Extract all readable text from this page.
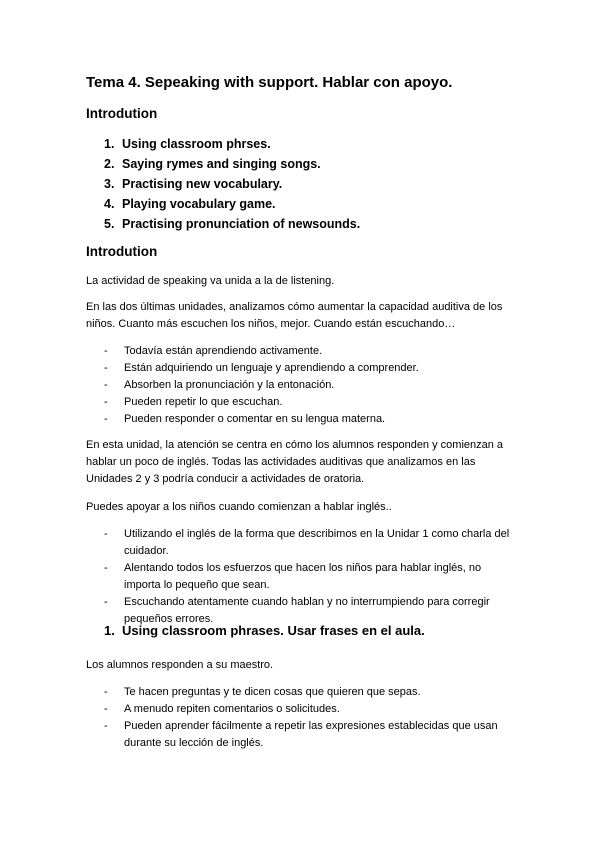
Tema 4. Sepeaking with support. Hablar con apoyo.
Introdution
1. Using classroom phrses.
2. Saying rymes and singing songs.
3. Practising new vocabulary.
4. Playing vocabulary game.
5. Practising pronunciation of newsounds.
Introdution

La actividad de speaking va unida a la de listening.

En las dos últimas unidades, analizamos cómo aumentar la capacidad auditiva de los niños. Cuanto más escuchen los niños, mejor. Cuando están escuchando…

- Todavía están aprendiendo activamente.
- Están adquiriendo un lenguaje y aprendiendo a comprender.
- Absorben la pronunciación y la entonación.
- Pueden repetir lo que escuchan.
- Pueden responder o comentar en su lengua materna.

En esta unidad, la atención se centra en cómo los alumnos responden y comienzan a hablar un poco de inglés. Todas las actividades auditivas que analizamos en las Unidades 2 y 3 podría conducir a actividades de oratoria.

Puedes apoyar a los niños cuando comienzan a hablar inglés..

- Utilizando el inglés de la forma que describimos en la Unidar 1 como charla del cuidador.
- Alentando todos los esfuerzos que hacen los niños para hablar inglés, no importa lo pequeño que sean.
- Escuchando atentamente cuando hablan y no interrumpiendo para corregir pequeños errores.
1. Using classroom phrases. Usar frases en el aula.

Los alumnos responden a su maestro.

- Te hacen preguntas y te dicen cosas que quieren que sepas.
- A menudo repiten comentarios o solicitudes.
- Pueden aprender fácilmente a repetir las expresiones establecidas que usan durante su lección de inglés.
